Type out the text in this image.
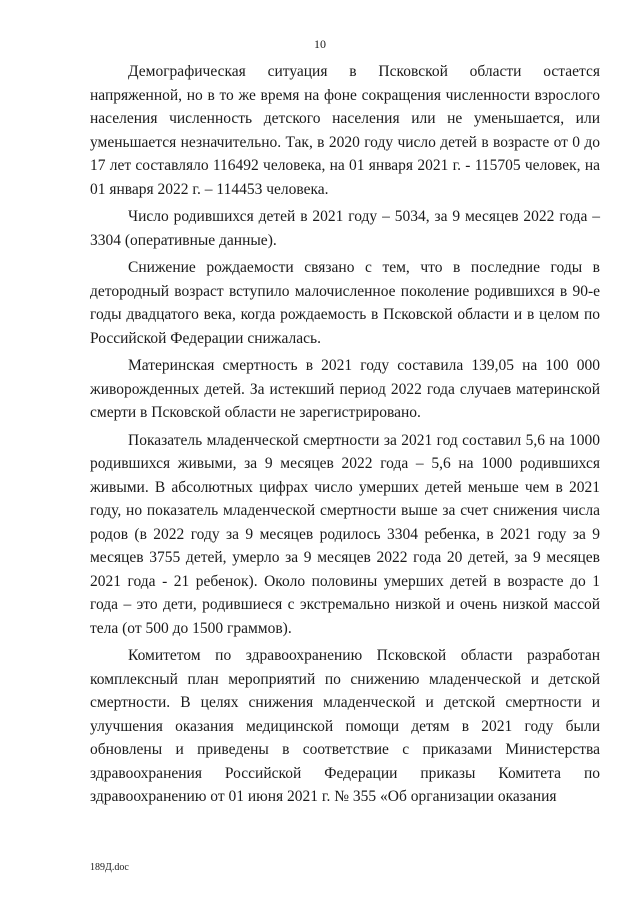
10

Демографическая ситуация в Псковской области остается напряженной, но в то же время на фоне сокращения численности взрослого населения численность детского населения или не уменьшается, или уменьшается незначительно. Так, в 2020 году число детей в возрасте от 0 до 17 лет составляло 116492 человека, на 01 января 2021 г. - 115705 человек, на 01 января 2022 г. – 114453 человека.

Число родившихся детей в 2021 году – 5034, за 9 месяцев 2022 года – 3304 (оперативные данные).

Снижение рождаемости связано с тем, что в последние годы в детородный возраст вступило малочисленное поколение родившихся в 90-е годы двадцатого века, когда рождаемость в Псковской области и в целом по Российской Федерации снижалась.

Материнская смертность в 2021 году составила 139,05 на 100 000 живорожденных детей. За истекший период 2022 года случаев материнской смерти в Псковской области не зарегистрировано.

Показатель младенческой смертности за 2021 год составил 5,6 на 1000 родившихся живыми, за 9 месяцев 2022 года – 5,6 на 1000 родившихся живыми. В абсолютных цифрах число умерших детей меньше чем в 2021 году, но показатель младенческой смертности выше за счет снижения числа родов (в 2022 году за 9 месяцев родилось 3304 ребенка, в 2021 году за 9 месяцев 3755 детей, умерло за 9 месяцев 2022 года 20 детей, за 9 месяцев 2021 года - 21 ребенок). Около половины умерших детей в возрасте до 1 года – это дети, родившиеся с экстремально низкой и очень низкой массой тела (от 500 до 1500 граммов).

Комитетом по здравоохранению Псковской области разработан комплексный план мероприятий по снижению младенческой и детской смертности. В целях снижения младенческой и детской смертности и улучшения оказания медицинской помощи детям в 2021 году были обновлены и приведены в соответствие с приказами Министерства здравоохранения Российской Федерации приказы Комитета по здравоохранению от 01 июня 2021 г. № 355 «Об организации оказания

189Д.doc
